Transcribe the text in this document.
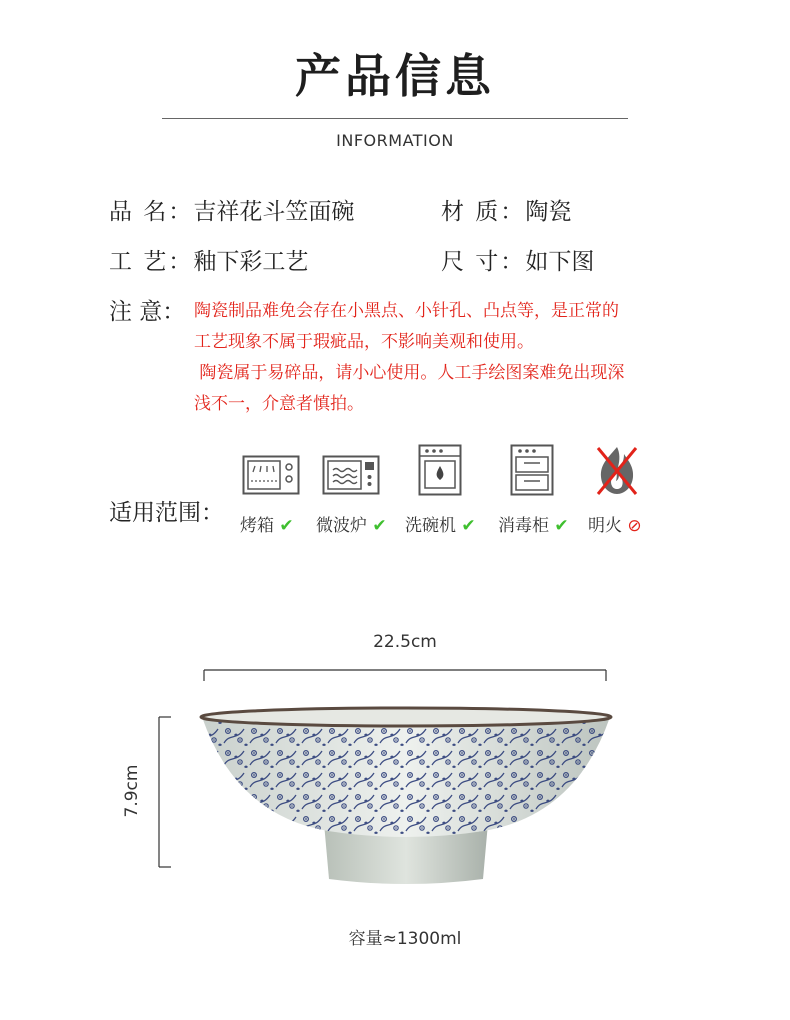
产品信息
INFORMATION
品 名：吉祥花斗笠面碗	材 质：陶瓷
工 艺：釉下彩工艺	尺 寸：如下图
注 意： 陶瓷制品难免会存在小黑点、小针孔、凸点等，是正常的
工艺现象不属于瑕疵品，不影响美观和使用。
陶瓷属于易碎品，请小心使用。人工手绘图案难免出现深
浅不一，介意者慎拍。
适用范围： 烤箱 ✔ 微波炉 ✔ 洗碗机 ✔ 消毒柜 ✔ 明火 ⊘
22.5cm
7.9cm
容量≈1300ml
